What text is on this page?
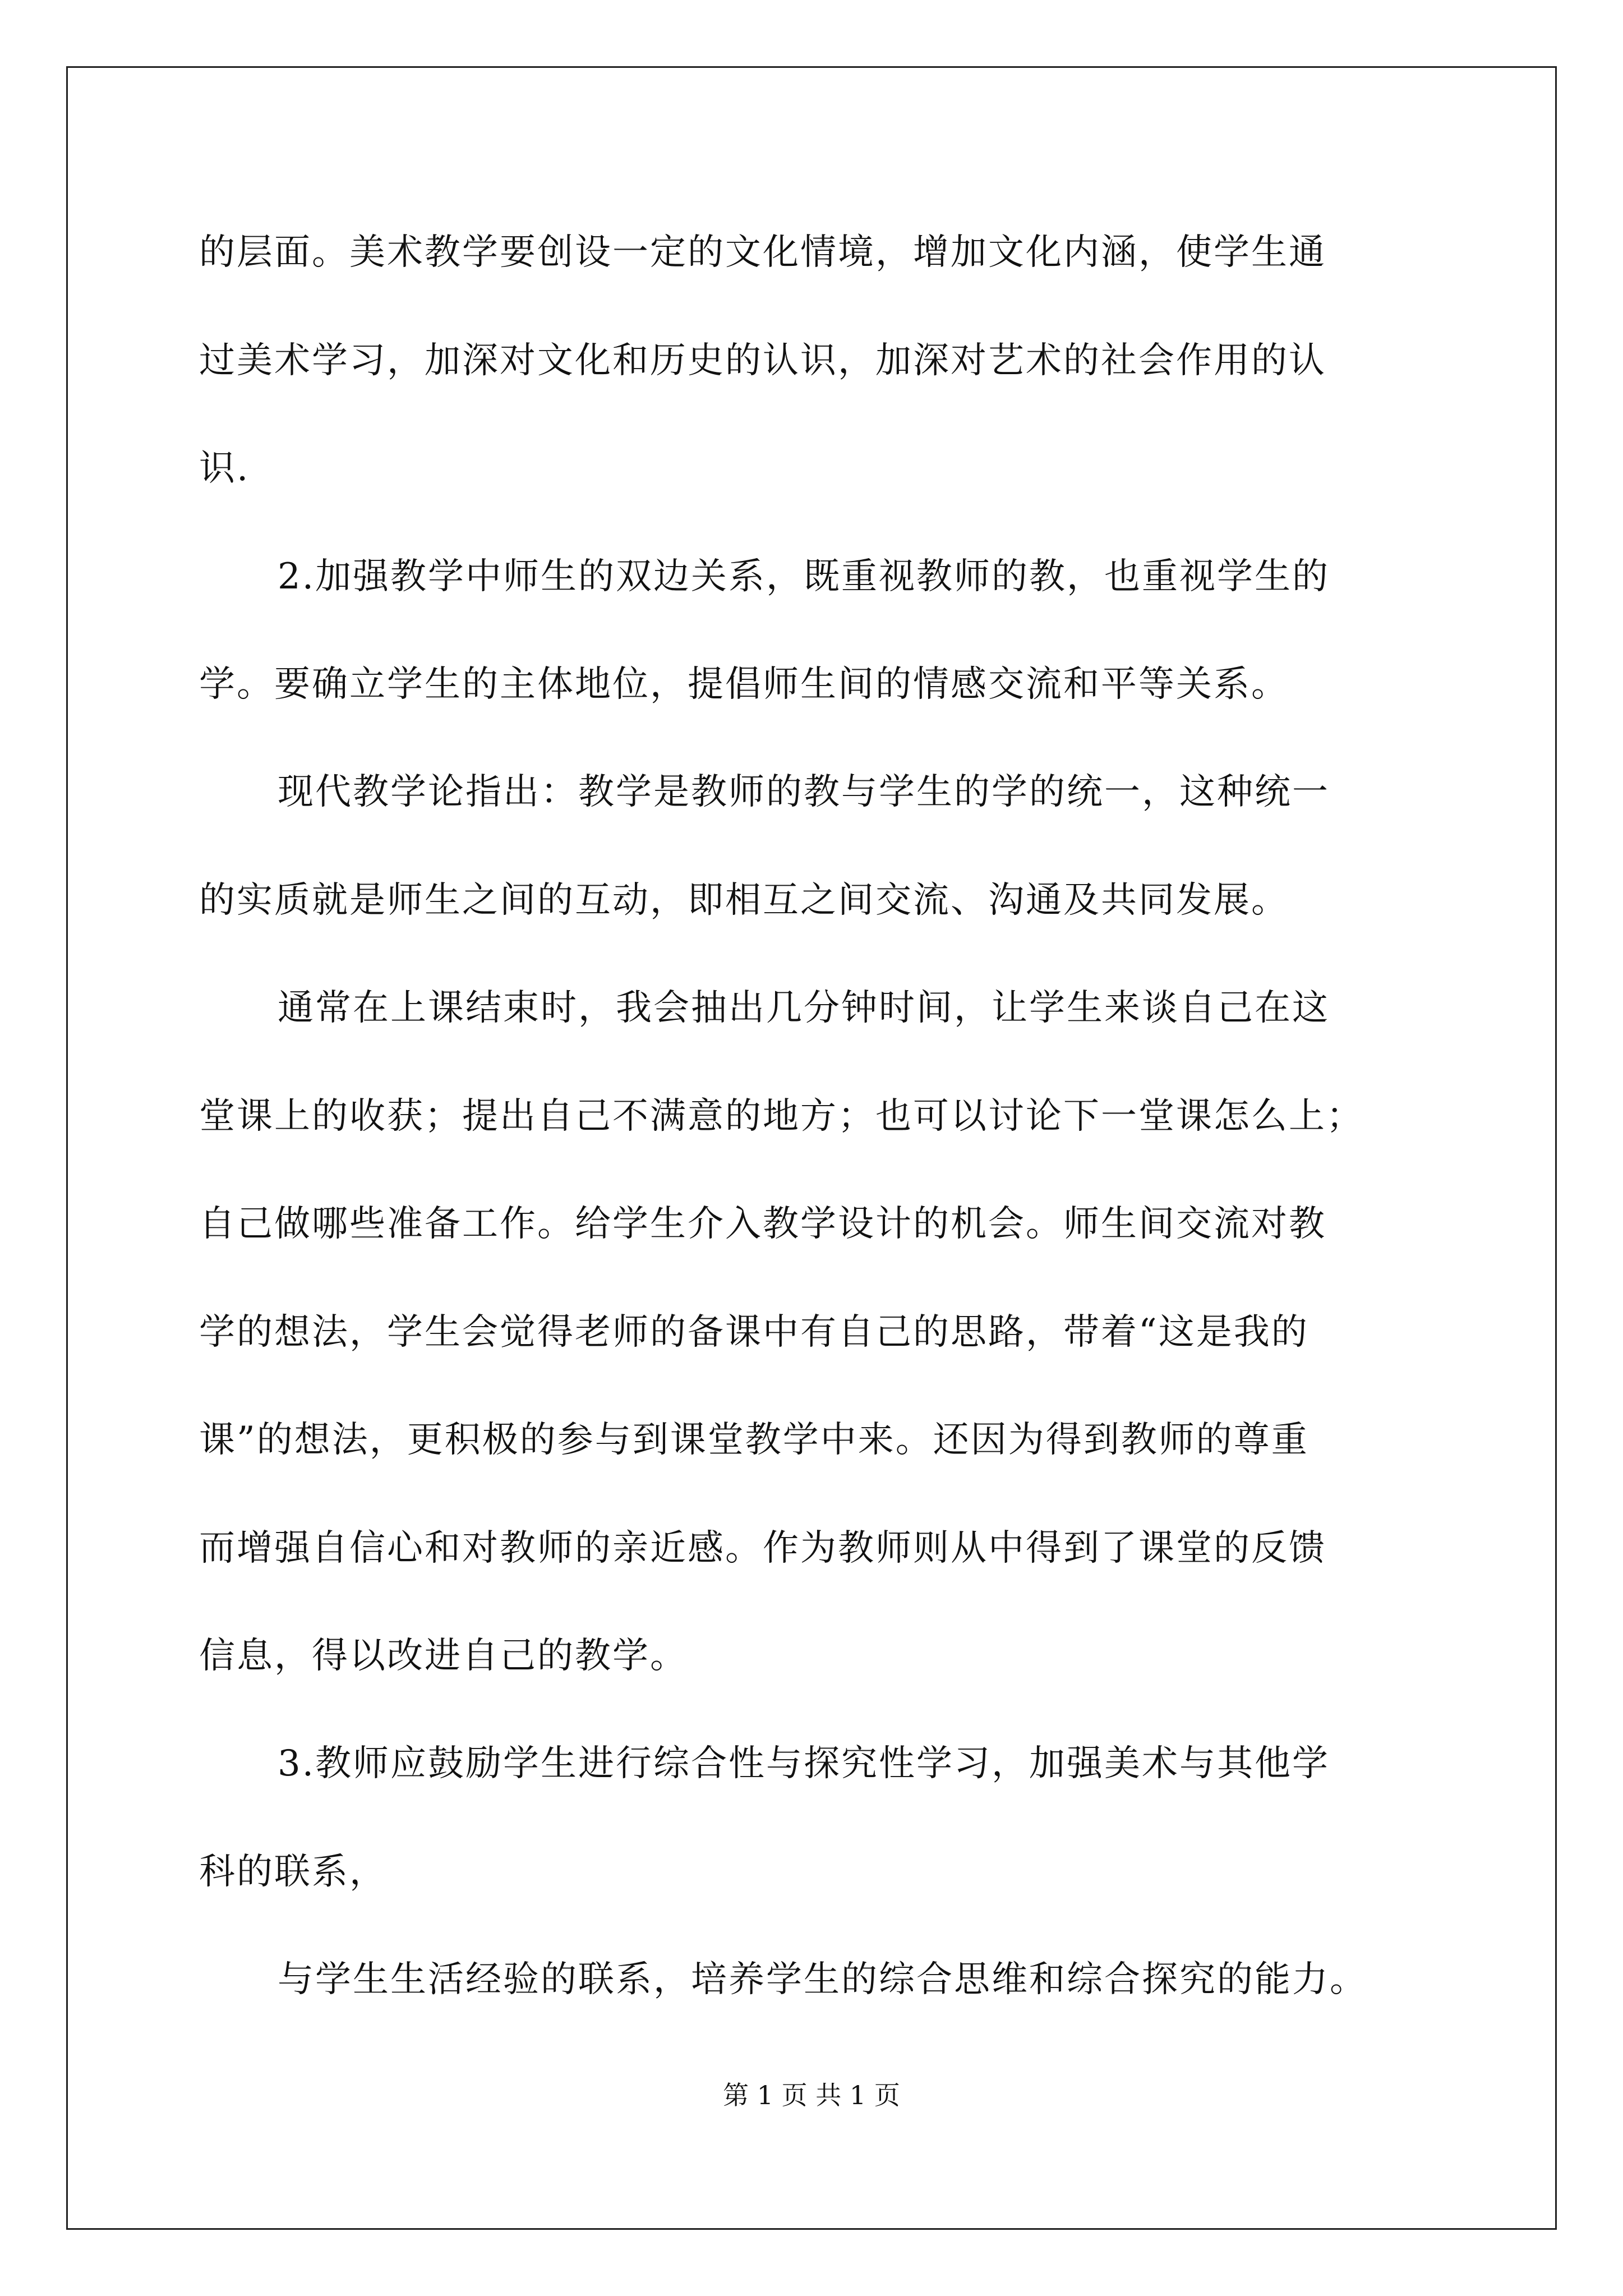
的层面。美术教学要创设一定的文化情境，增加文化内涵，使学生通
过美术学习，加深对文化和历史的认识，加深对艺术的社会作用的认
识.
2.加强教学中师生的双边关系，既重视教师的教，也重视学生的
学。要确立学生的主体地位，提倡师生间的情感交流和平等关系。
现代教学论指出：教学是教师的教与学生的学的统一，这种统一
的实质就是师生之间的互动，即相互之间交流、沟通及共同发展。
通常在上课结束时，我会抽出几分钟时间，让学生来谈自己在这
堂课上的收获；提出自己不满意的地方；也可以讨论下一堂课怎么上；
自己做哪些准备工作。给学生介入教学设计的机会。师生间交流对教
学的想法，学生会觉得老师的备课中有自己的思路，带着“这是我的
课”的想法，更积极的参与到课堂教学中来。还因为得到教师的尊重
而增强自信心和对教师的亲近感。作为教师则从中得到了课堂的反馈
信息，得以改进自己的教学。
3.教师应鼓励学生进行综合性与探究性学习，加强美术与其他学
科的联系，
与学生生活经验的联系，培养学生的综合思维和综合探究的能力。
第 1 页 共 1 页
